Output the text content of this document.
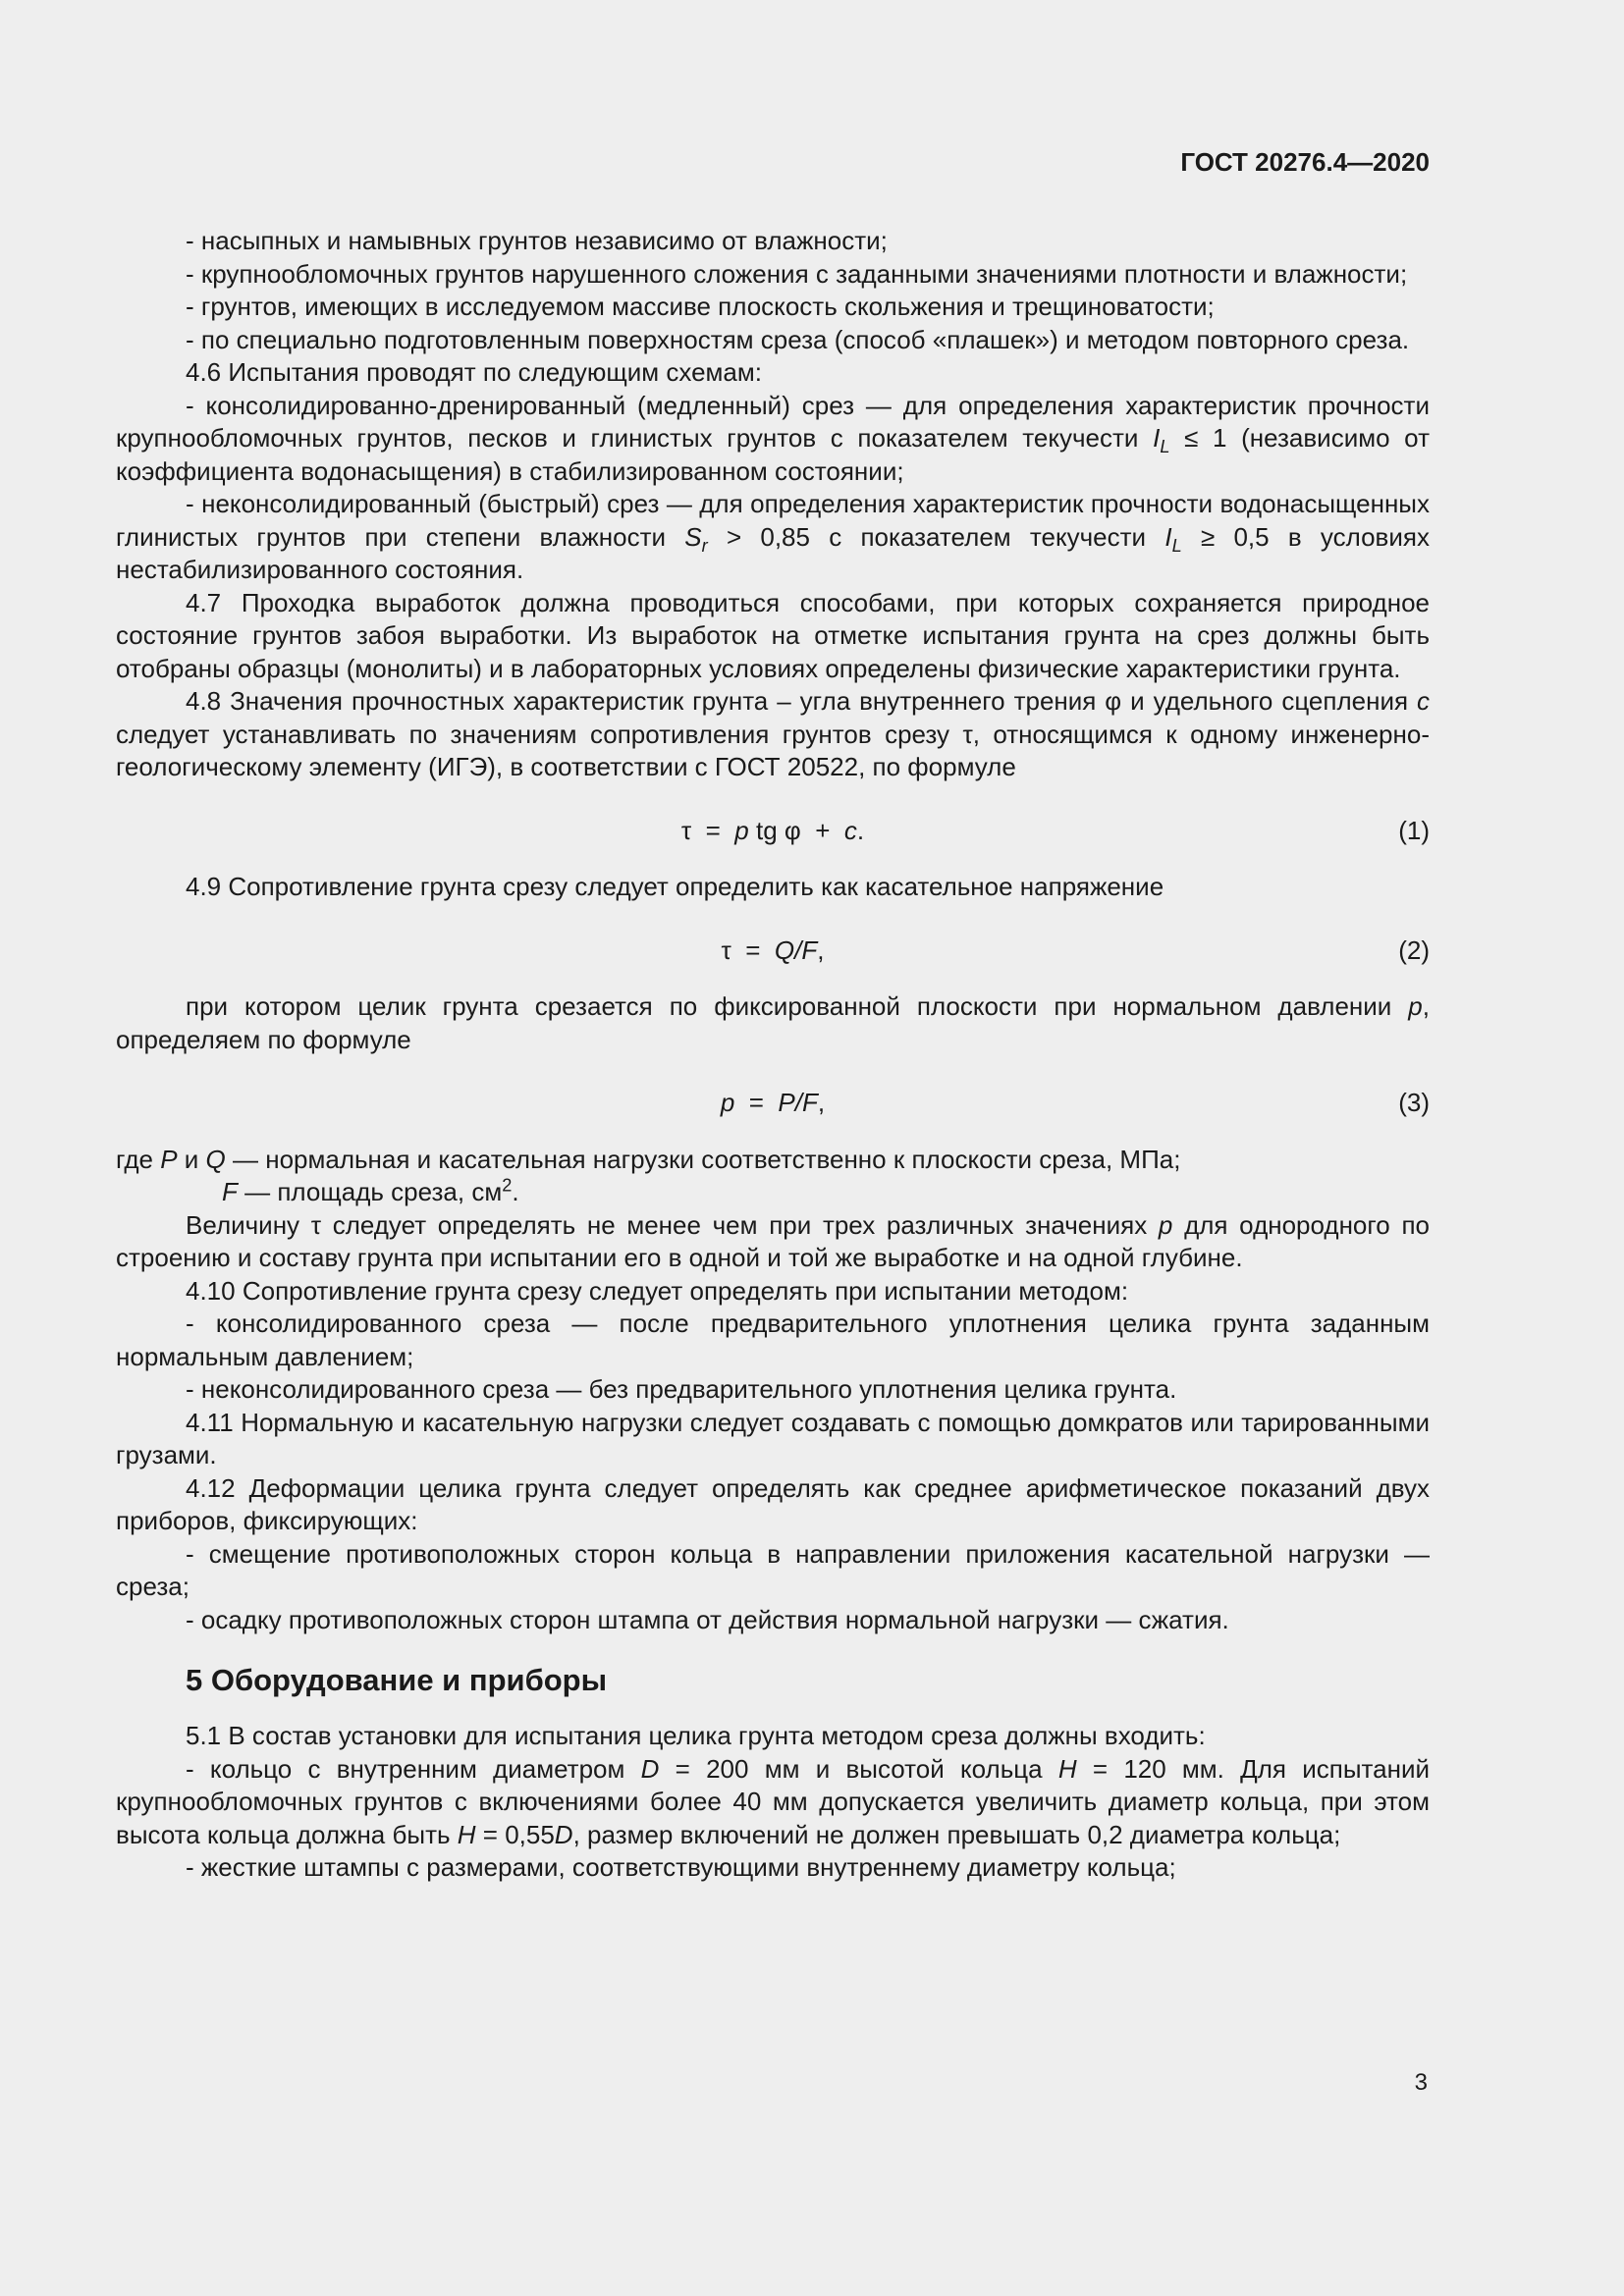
ГОСТ 20276.4—2020

- насыпных и намывных грунтов независимо от влажности;

- крупнообломочных грунтов нарушенного сложения с заданными значениями плотности и влажности;

- грунтов, имеющих в исследуемом массиве плоскость скольжения и трещиноватости;

- по специально подготовленным поверхностям среза (способ «плашек») и методом повторного среза.

4.6 Испытания проводят по следующим схемам:

- консолидированно-дренированный (медленный) срез — для определения характеристик прочности крупнообломочных грунтов, песков и глинистых грунтов с показателем текучести $I_L \le 1$ (независимо от коэффициента водонасыщения) в стабилизированном состоянии;

- неконсолидированный (быстрый) срез — для определения характеристик прочности водонасыщенных глинистых грунтов при степени влажности $S_r > 0,85$ с показателем текучести $I_L \ge 0,5$ в условиях нестабилизированного состояния.

4.7 Проходка выработок должна проводиться способами, при которых сохраняется природное состояние грунтов забоя выработки. Из выработок на отметке испытания грунта на срез должны быть отобраны образцы (монолиты) и в лабораторных условиях определены физические характеристики грунта.

4.8 Значения прочностных характеристик грунта – угла внутреннего трения φ и удельного сцепления c следует устанавливать по значениям сопротивления грунтов срезу τ, относящимся к одному инженерно-геологическому элементу (ИГЭ), в соответствии с ГОСТ 20522, по формуле

τ  =  p tg φ  +  c.	(1)

4.9 Сопротивление грунта срезу следует определить как касательное напряжение

τ  =  Q/F,	(2)

при котором целик грунта срезается по фиксированной плоскости при нормальном давлении p, определяем по формуле

p  =  P/F,	(3)

где P и Q — нормальная и касательная нагрузки соответственно к плоскости среза, МПа;

F — площадь среза, $см^2$.

Величину τ следует определять не менее чем при трех различных значениях p для однородного по строению и составу грунта при испытании его в одной и той же выработке и на одной глубине.

4.10 Сопротивление грунта срезу следует определять при испытании методом:

- консолидированного среза — после предварительного уплотнения целика грунта заданным нормальным давлением;

- неконсолидированного среза — без предварительного уплотнения целика грунта.

4.11 Нормальную и касательную нагрузки следует создавать с помощью домкратов или тарированными грузами.

4.12 Деформации целика грунта следует определять как среднее арифметическое показаний двух приборов, фиксирующих:

- смещение противоположных сторон кольца в направлении приложения касательной нагрузки — среза;

- осадку противоположных сторон штампа от действия нормальной нагрузки — сжатия.

5 Оборудование и приборы

5.1 В состав установки для испытания целика грунта методом среза должны входить:

- кольцо с внутренним диаметром D = 200 мм и высотой кольца H = 120 мм. Для испытаний крупнообломочных грунтов с включениями более 40 мм допускается увеличить диаметр кольца, при этом высота кольца должна быть H = 0,55D, размер включений не должен превышать 0,2 диаметра кольца;

- жесткие штампы с размерами, соответствующими внутреннему диаметру кольца;

3
